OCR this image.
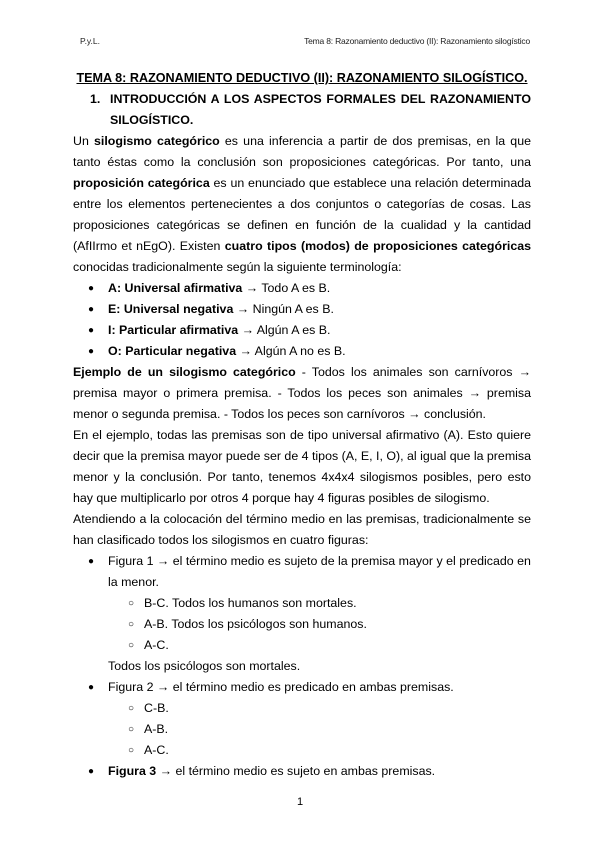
P.y.L.	Tema 8: Razonamiento deductivo (II): Razonamiento silogístico

TEMA 8: RAZONAMIENTO DEDUCTIVO (II): RAZONAMIENTO SILOGÍSTICO.

1. INTRODUCCIÓN A LOS ASPECTOS FORMALES DEL RAZONAMIENTO SILOGÍSTICO.

Un silogismo categórico es una inferencia a partir de dos premisas, en la que tanto éstas como la conclusión son proposiciones categóricas. Por tanto, una proposición categórica es un enunciado que establece una relación determinada entre los elementos pertenecientes a dos conjuntos o categorías de cosas. Las proposiciones categóricas se definen en función de la cualidad y la cantidad (AfIIrmo et nEgO). Existen cuatro tipos (modos) de proposiciones categóricas conocidas tradicionalmente según la siguiente terminología:

● A: Universal afirmativa → Todo A es B.
● E: Universal negativa → Ningún A es B.
● I: Particular afirmativa → Algún A es B.
● O: Particular negativa → Algún A no es B.

Ejemplo de un silogismo categórico - Todos los animales son carnívoros → premisa mayor o primera premisa. - Todos los peces son animales → premisa menor o segunda premisa. - Todos los peces son carnívoros → conclusión.

En el ejemplo, todas las premisas son de tipo universal afirmativo (A). Esto quiere decir que la premisa mayor puede ser de 4 tipos (A, E, I, O), al igual que la premisa menor y la conclusión. Por tanto, tenemos 4x4x4 silogismos posibles, pero esto hay que multiplicarlo por otros 4 porque hay 4 figuras posibles de silogismo.

Atendiendo a la colocación del término medio en las premisas, tradicionalmente se han clasificado todos los silogismos en cuatro figuras:

● Figura 1 → el término medio es sujeto de la premisa mayor y el predicado en la menor.
○ B-C. Todos los humanos son mortales.
○ A-B. Todos los psicólogos son humanos.
○ A-C.
Todos los psicólogos son mortales.
● Figura 2 → el término medio es predicado en ambas premisas.
○ C-B.
○ A-B.
○ A-C.
● Figura 3 → el término medio es sujeto en ambas premisas.
1
